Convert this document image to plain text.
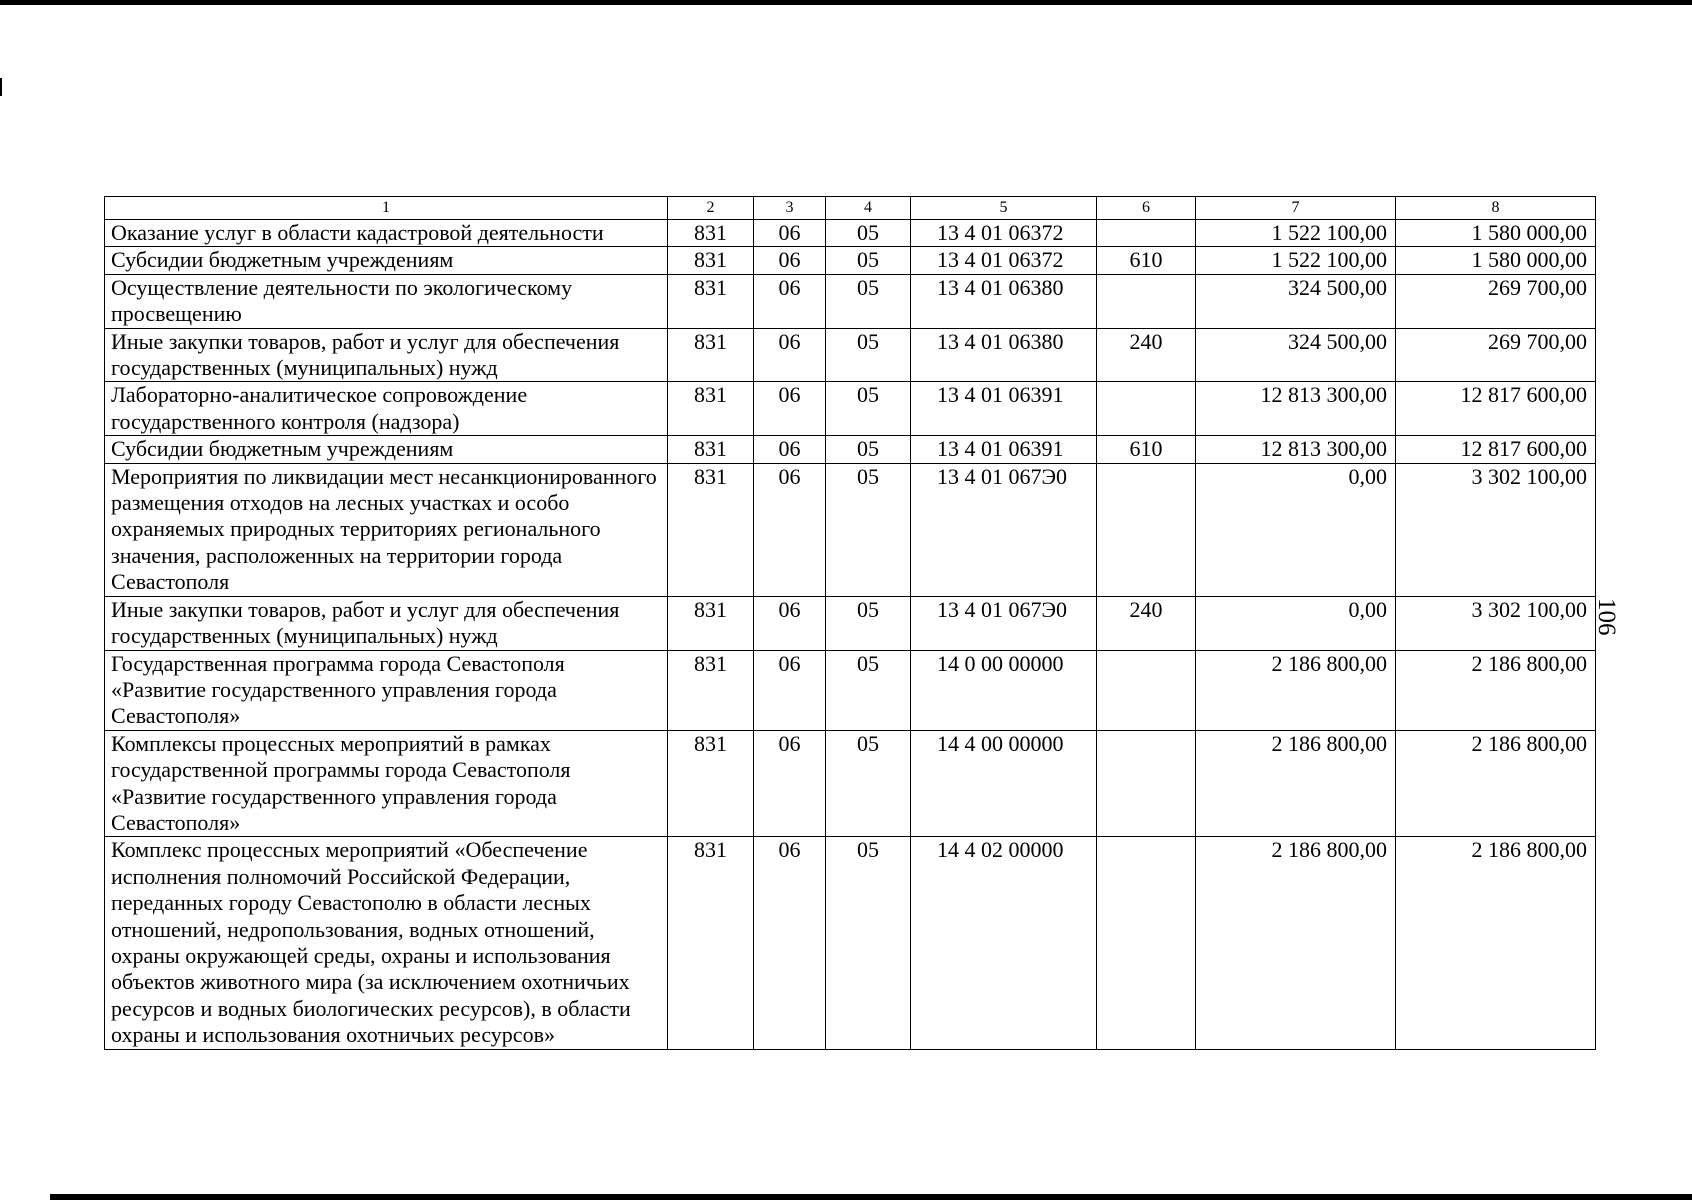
1	2	3	4	5	6	7	8
Оказание услуг в области кадастровой деятельности	831	06	05	13 4 01 06372		1 522 100,00	1 580 000,00
Субсидии бюджетным учреждениям	831	06	05	13 4 01 06372	610	1 522 100,00	1 580 000,00
Осуществление деятельности по экологическому просвещению	831	06	05	13 4 01 06380		324 500,00	269 700,00
Иные закупки товаров, работ и услуг для обеспечения государственных (муниципальных) нужд	831	06	05	13 4 01 06380	240	324 500,00	269 700,00
Лабораторно-аналитическое сопровождение государственного контроля (надзора)	831	06	05	13 4 01 06391		12 813 300,00	12 817 600,00
Субсидии бюджетным учреждениям	831	06	05	13 4 01 06391	610	12 813 300,00	12 817 600,00
Мероприятия по ликвидации мест несанкционированного размещения отходов на лесных участках и особо охраняемых природных территориях регионального значения, расположенных на территории города Севастополя	831	06	05	13 4 01 067Э0		0,00	3 302 100,00
Иные закупки товаров, работ и услуг для обеспечения государственных (муниципальных) нужд	831	06	05	13 4 01 067Э0	240	0,00	3 302 100,00
Государственная программа города Севастополя «Развитие государственного управления города Севастополя»	831	06	05	14 0 00 00000		2 186 800,00	2 186 800,00
Комплексы процессных мероприятий в рамках государственной программы города Севастополя «Развитие государственного управления города Севастополя»	831	06	05	14 4 00 00000		2 186 800,00	2 186 800,00
Комплекс процессных мероприятий «Обеспечение исполнения полномочий Российской Федерации, переданных городу Севастополю в области лесных отношений, недропользования, водных отношений, охраны окружающей среды, охраны и использования объектов животного мира (за исключением охотничьих ресурсов и водных биологических ресурсов), в области охраны и использования охотничьих ресурсов»	831	06	05	14 4 02 00000		2 186 800,00	2 186 800,00
106
